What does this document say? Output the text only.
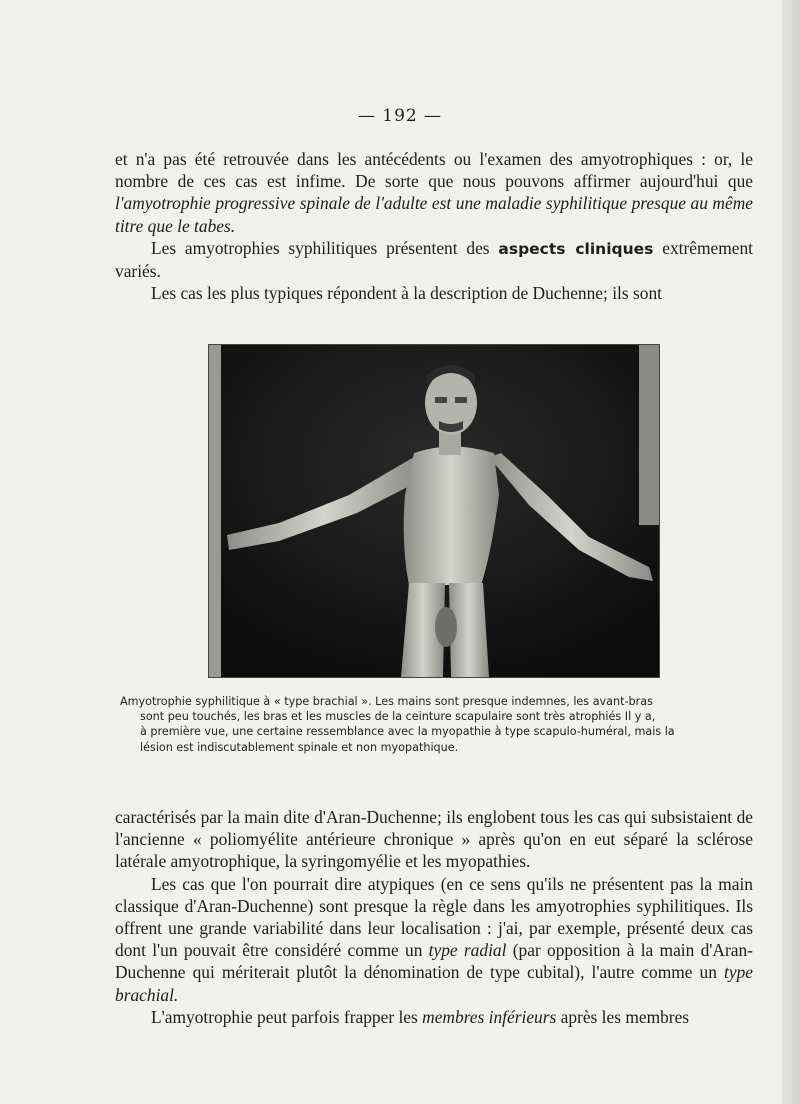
— 192 —

et n'a pas été retrouvée dans les antécédents ou l'examen des amyotrophiques : or, le nombre de ces cas est infime. De sorte que nous pouvons affirmer aujourd'hui que l'amyotrophie progressive spinale de l'adulte est une maladie syphilitique presque au même titre que le tabes.

Les amyotrophies syphilitiques présentent des aspects cliniques extrêmement variés.

Les cas les plus typiques répondent à la description de Duchenne; ils sont

Amyotrophie syphilitique à « type brachial ». Les mains sont presque indemnes, les avant-bras

sont peu touchés, les bras et les muscles de la ceinture scapulaire sont très atrophiés Il y a,

à première vue, une certaine ressemblance avec la myopathie à type scapulo-huméral, mais la

lésion est indiscutablement spinale et non myopathique.

caractérisés par la main dite d'Aran-Duchenne; ils englobent tous les cas qui subsistaient de l'ancienne « poliomyélite antérieure chronique » après qu'on en eut séparé la sclérose latérale amyotrophique, la syringomyélie et les myopathies.

Les cas que l'on pourrait dire atypiques (en ce sens qu'ils ne présentent pas la main classique d'Aran-Duchenne) sont presque la règle dans les amyotrophies syphilitiques. Ils offrent une grande variabilité dans leur localisation : j'ai, par exemple, présenté deux cas dont l'un pouvait être considéré comme un type radial (par opposition à la main d'Aran-Duchenne qui mériterait plutôt la dénomination de type cubital), l'autre comme un type brachial.

L'amyotrophie peut parfois frapper les membres inférieurs après les membres
